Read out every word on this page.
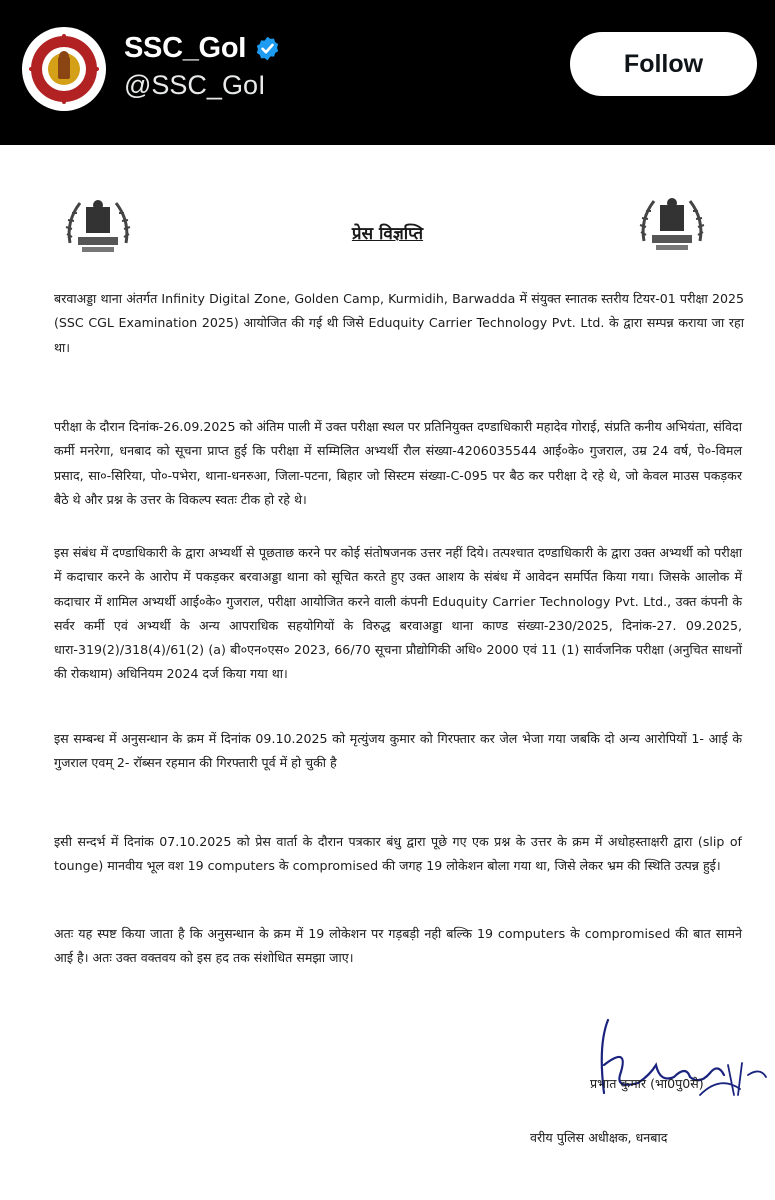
SSC_GoI
@SSC_GoI
Follow
प्रेस विज्ञप्ति

बरवाअड्डा थाना अंतर्गत Infinity Digital Zone, Golden Camp, Kurmidih, Barwadda में संयुक्त स्नातक स्तरीय टियर-01 परीक्षा 2025 (SSC CGL Examination 2025) आयोजित की गई थी जिसे Eduquity Carrier Technology Pvt. Ltd. के द्वारा सम्पन्न कराया जा रहा था।

परीक्षा के दौरान दिनांक-26.09.2025 को अंतिम पाली में उक्त परीक्षा स्थल पर प्रतिनियुक्त दण्डाधिकारी महादेव गोराई, संप्रति कनीय अभियंता, संविदा कर्मी मनरेगा, धनबाद को सूचना प्राप्त हुई कि परीक्षा में सम्मिलित अभ्यर्थी रौल संख्या-4206035544 आई०के० गुजराल, उम्र 24 वर्ष, पे०-विमल प्रसाद, सा०-सिरिया, पो०-पभेरा, थाना-धनरुआ, जिला-पटना, बिहार जो सिस्टम संख्या-C-095 पर बैठ कर परीक्षा दे रहे थे, जो केवल माउस पकड़कर बैठे थे और प्रश्न के उत्तर के विकल्प स्वतः टीक हो रहे थे।

इस संबंध में दण्डाधिकारी के द्वारा अभ्यर्थी से पूछताछ करने पर कोई संतोषजनक उत्तर नहीं दिये। तत्पश्चात दण्डाधिकारी के द्वारा उक्त अभ्यर्थी को परीक्षा में कदाचार करने के आरोप में पकड़कर बरवाअड्डा थाना को सूचित करते हुए उक्त आशय के संबंध में आवेदन समर्पित किया गया। जिसके आलोक में कदाचार में शामिल अभ्यर्थी आई०के० गुजराल, परीक्षा आयोजित करने वाली कंपनी Eduquity Carrier Technology Pvt. Ltd., उक्त कंपनी के सर्वर कर्मी एवं अभ्यर्थी के अन्य आपराधिक सहयोगियों के विरुद्ध बरवाअड्डा थाना काण्ड संख्या-230/2025, दिनांक-27. 09.2025, धारा-319(2)/318(4)/61(2) (a) बी०एन०एस० 2023, 66/70 सूचना प्रौद्योगिकी अधि० 2000 एवं 11 (1) सार्वजनिक परीक्षा (अनुचित साधनों की रोकथाम) अधिनियम 2024 दर्ज किया गया था।

इस सम्बन्ध में अनुसन्धान के क्रम में दिनांक 09.10.2025 को मृत्युंजय कुमार को गिरफ्तार कर जेल भेजा गया जबकि दो अन्य आरोपियों 1- आई के गुजराल एवम् 2- रॉब्सन रहमान की गिरफ्तारी पूर्व में हो चुकी है

इसी सन्दर्भ में दिनांक 07.10.2025 को प्रेस वार्ता के दौरान पत्रकार बंधु द्वारा पूछे गए एक प्रश्न के उत्तर के क्रम में अधोहस्ताक्षरी द्वारा (slip of tounge) मानवीय भूल वश 19 computers के compromised की जगह 19 लोकेशन बोला गया था, जिसे लेकर भ्रम की स्थिति उत्पन्न हुई।

अतः यह स्पष्ट किया जाता है कि अनुसन्धान के क्रम में 19 लोकेशन पर गड़बड़ी नही बल्कि 19 computers के compromised की बात सामने आई है। अतः उक्त वक्तवय को इस हद तक संशोधित समझा जाए।

प्रभात कुमार (भा0पु0से)
वरीय पुलिस अधीक्षक, धनबाद
